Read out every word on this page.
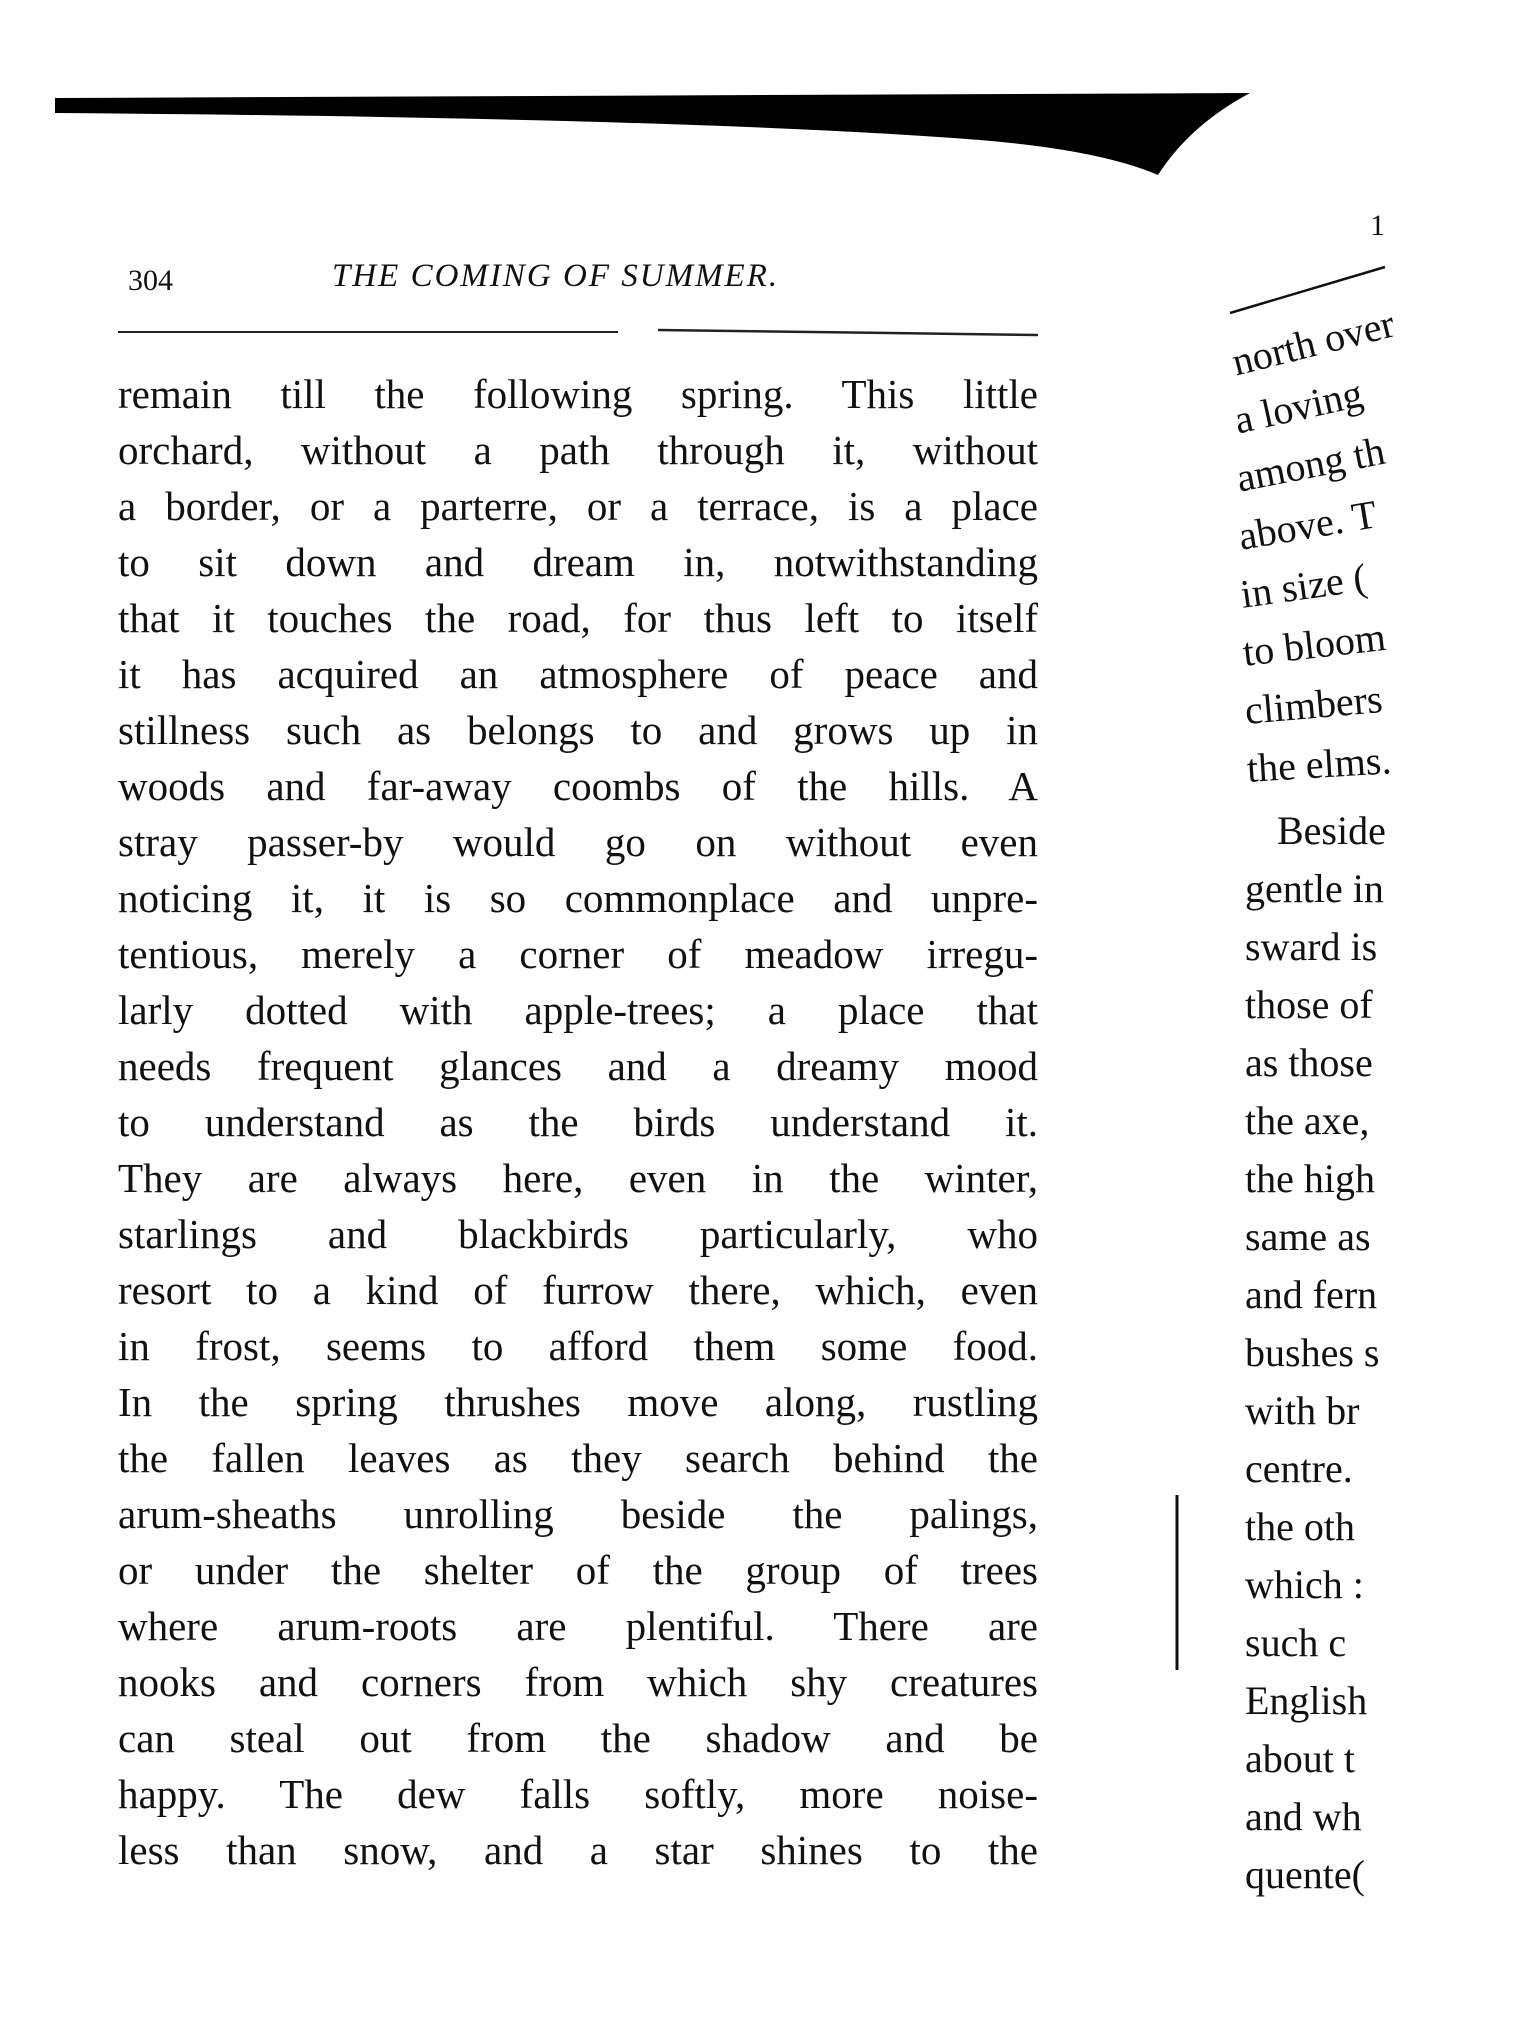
304	THE COMING OF SUMMER.
remain till the following spring. This little
orchard, without a path through it, without
a border, or a parterre, or a terrace, is a place
to sit down and dream in, notwithstanding
that it touches the road, for thus left to itself
it has acquired an atmosphere of peace and
stillness such as belongs to and grows up in
woods and far-away coombs of the hills. A
stray passer-by would go on without even
noticing it, it is so commonplace and unpre-
tentious, merely a corner of meadow irregu-
larly dotted with apple-trees; a place that
needs frequent glances and a dreamy mood
to understand as the birds understand it.
They are always here, even in the winter,
starlings and blackbirds particularly, who
resort to a kind of furrow there, which, even
in frost, seems to afford them some food.
In the spring thrushes move along, rustling
the fallen leaves as they search behind the
arum-sheaths unrolling beside the palings,
or under the shelter of the group of trees
where arum-roots are plentiful. There are
nooks and corners from which shy creatures
can steal out from the shadow and be
happy. The dew falls softly, more noise-
less than snow, and a star shines to the
1
north over
a loving
among th
above. T
in size (
to bloom
climbers
the elms.
Beside
gentle in
sward is
those of
as those
the axe,
the high
same as
and fern
bushes s
with br
centre.
the oth
which :
such c
English
about t
and wh
quente(
